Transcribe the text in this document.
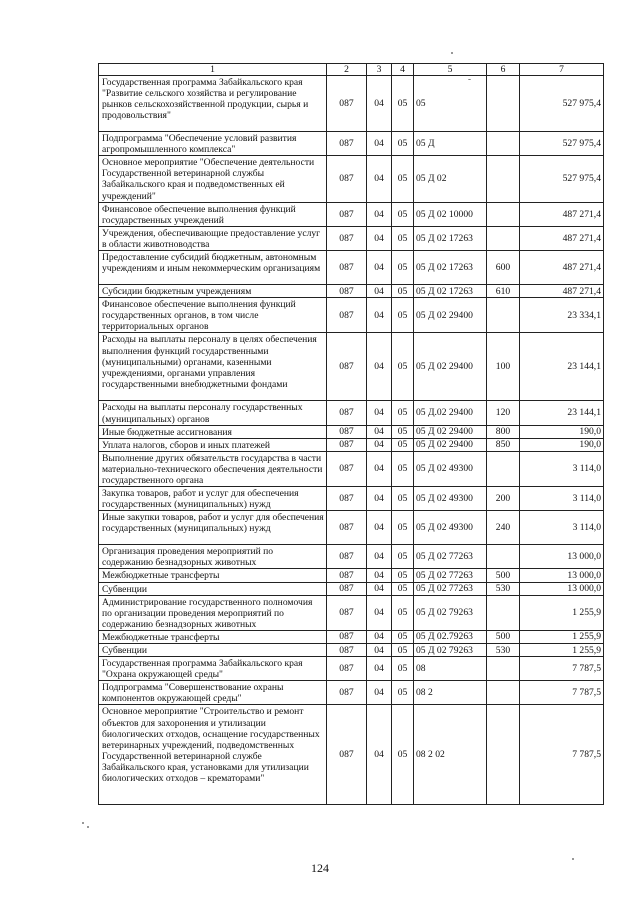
1	2	3	4	5	6	7
Государственная программа Забайкальского края "Развитие сельского хозяйства и регулирование рынков сельскохозяйственной продукции, сырья и продовольствия"	087	04	05	05		527 975,4
Подпрограмма "Обеспечение условий развития агропромышленного комплекса"	087	04	05	05 Д		527 975,4
Основное мероприятие "Обеспечение деятельности Государственной ветеринарной службы Забайкальского края и подведомственных ей учреждений"	087	04	05	05 Д 02		527 975,4
Финансовое обеспечение выполнения функций государственных учреждений	087	04	05	05 Д 02 10000		487 271,4
Учреждения, обеспечивающие предоставление услуг в области животноводства	087	04	05	05 Д 02 17263		487 271,4
Предоставление субсидий бюджетным, автономным учреждениям и иным некоммерческим организациям	087	04	05	05 Д 02 17263	600	487 271,4
Субсидии бюджетным учреждениям	087	04	05	05 Д 02 17263	610	487 271,4
Финансовое обеспечение выполнения функций государственных органов, в том числе территориальных органов	087	04	05	05 Д 02 29400		23 334,1
Расходы на выплаты персоналу в целях обеспечения выполнения функций государственными (муниципальными) органами, казенными учреждениями, органами управления государственными внебюджетными фондами	087	04	05	05 Д 02 29400	100	23 144,1
Расходы на выплаты персоналу государственных (муниципальных) органов	087	04	05	05 Д.02 29400	120	23 144,1
Иные бюджетные ассигнования	087	04	05	05 Д 02 29400	800	190,0
Уплата налогов, сборов и иных платежей	087	04	05	05 Д 02 29400	850	190,0
Выполнение других обязательств государства в части материально-технического обеспечения деятельности государственного органа	087	04	05	05 Д 02 49300		3 114,0
Закупка товаров, работ и услуг для обеспечения государственных (муниципальных) нужд	087	04	05	05 Д 02 49300	200	3 114,0
Иные закупки товаров, работ и услуг для обеспечения государственных (муниципальных) нужд	087	04	05	05 Д 02 49300	240	3 114,0
Организация проведения мероприятий по содержанию безнадзорных животных	087	04	05	05 Д 02 77263		13 000,0
Межбюджетные трансферты	087	04	05	05 Д 02 77263	500	13 000,0
Субвенции	087	04	05	05 Д 02 77263	530	13 000,0
Администрирование государственного полномочия по организации проведения мероприятий по содержанию безнадзорных животных	087	04	05	05 Д 02 79263		1 255,9
Межбюджетные трансферты	087	04	05	05 Д 02.79263	500	1 255,9
Субвенции	087	04	05	05 Д 02 79263	530	1 255,9
Государственная программа Забайкальского края "Охрана окружающей среды"	087	04	05	08		7 787,5
Подпрограмма "Совершенствование охраны компонентов окружающей среды"	087	04	05	08 2		7 787,5
Основное мероприятие "Строительство и ремонт объектов для захоронения и утилизации биологических отходов, оснащение государственных ветеринарных учреждений, подведомственных Государственной ветеринарной службе Забайкальского края, установками для утилизации биологических отходов – крематорами"	087	04	05	08 2 02		7 787,5
124
